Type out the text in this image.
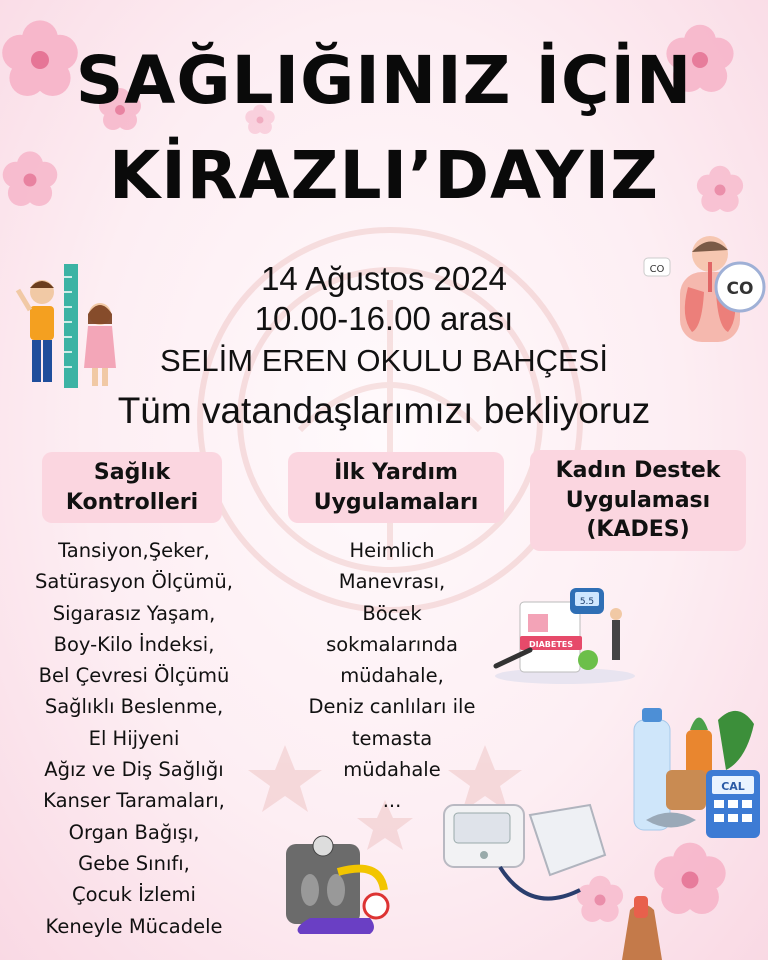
SAĞLIĞINIZ İÇİN
KİRAZLI’DAYIZ
14 Ağustos 2024
10.00-16.00 arası
SELİM EREN OKULU BAHÇESİ
Tüm vatandaşlarımızı bekliyoruz
CO
CO
Sağlık
Kontrolleri
İlk Yardım
Uygulamaları
Kadın Destek
Uygulaması
(KADES)
Tansiyon,Şeker,
Satürasyon Ölçümü,
Sigarasız Yaşam,
Boy-Kilo İndeksi,
Bel Çevresi Ölçümü
Sağlıklı Beslenme,
El Hijyeni
Ağız ve Diş Sağlığı
Kanser Taramaları,
Organ Bağışı,
Gebe Sınıfı,
Çocuk İzlemi
Keneyle Mücadele
Heimlich
Manevrası,
Böcek
sokmalarında
müdahale,
Deniz canlıları ile
temasta
müdahale
...
DIABETES
5.5
CAL
